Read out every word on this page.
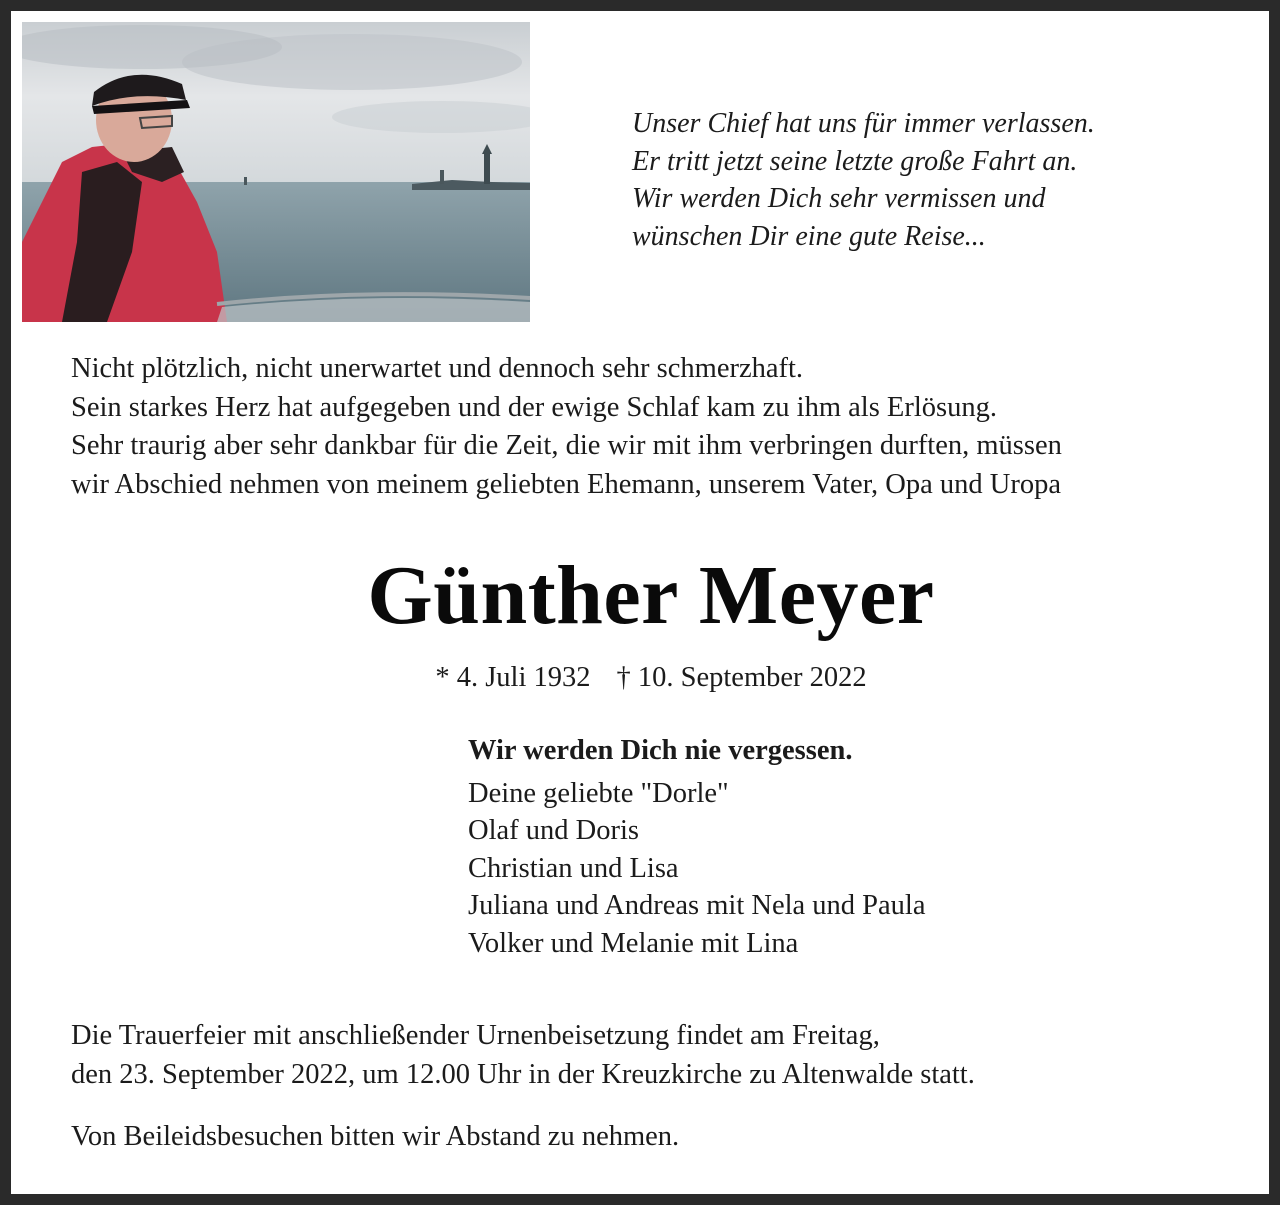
Unser Chief hat uns für immer verlassen.
Er tritt jetzt seine letzte große Fahrt an.
Wir werden Dich sehr vermissen und
wünschen Dir eine gute Reise...
Nicht plötzlich, nicht unerwartet und dennoch sehr schmerzhaft.
Sein starkes Herz hat aufgegeben und der ewige Schlaf kam zu ihm als Erlösung.
Sehr traurig aber sehr dankbar für die Zeit, die wir mit ihm verbringen durften, müssen
wir Abschied nehmen von meinem geliebten Ehemann, unserem Vater, Opa und Uropa
Günther Meyer
* 4. Juli 1932 † 10. September 2022
Wir werden Dich nie vergessen.
Deine geliebte "Dorle"
Olaf und Doris
Christian und Lisa
Juliana und Andreas mit Nela und Paula
Volker und Melanie mit Lina
Die Trauerfeier mit anschließender Urnenbeisetzung findet am Freitag,
den 23. September 2022, um 12.00 Uhr in der Kreuzkirche zu Altenwalde statt.
Von Beileidsbesuchen bitten wir Abstand zu nehmen.
